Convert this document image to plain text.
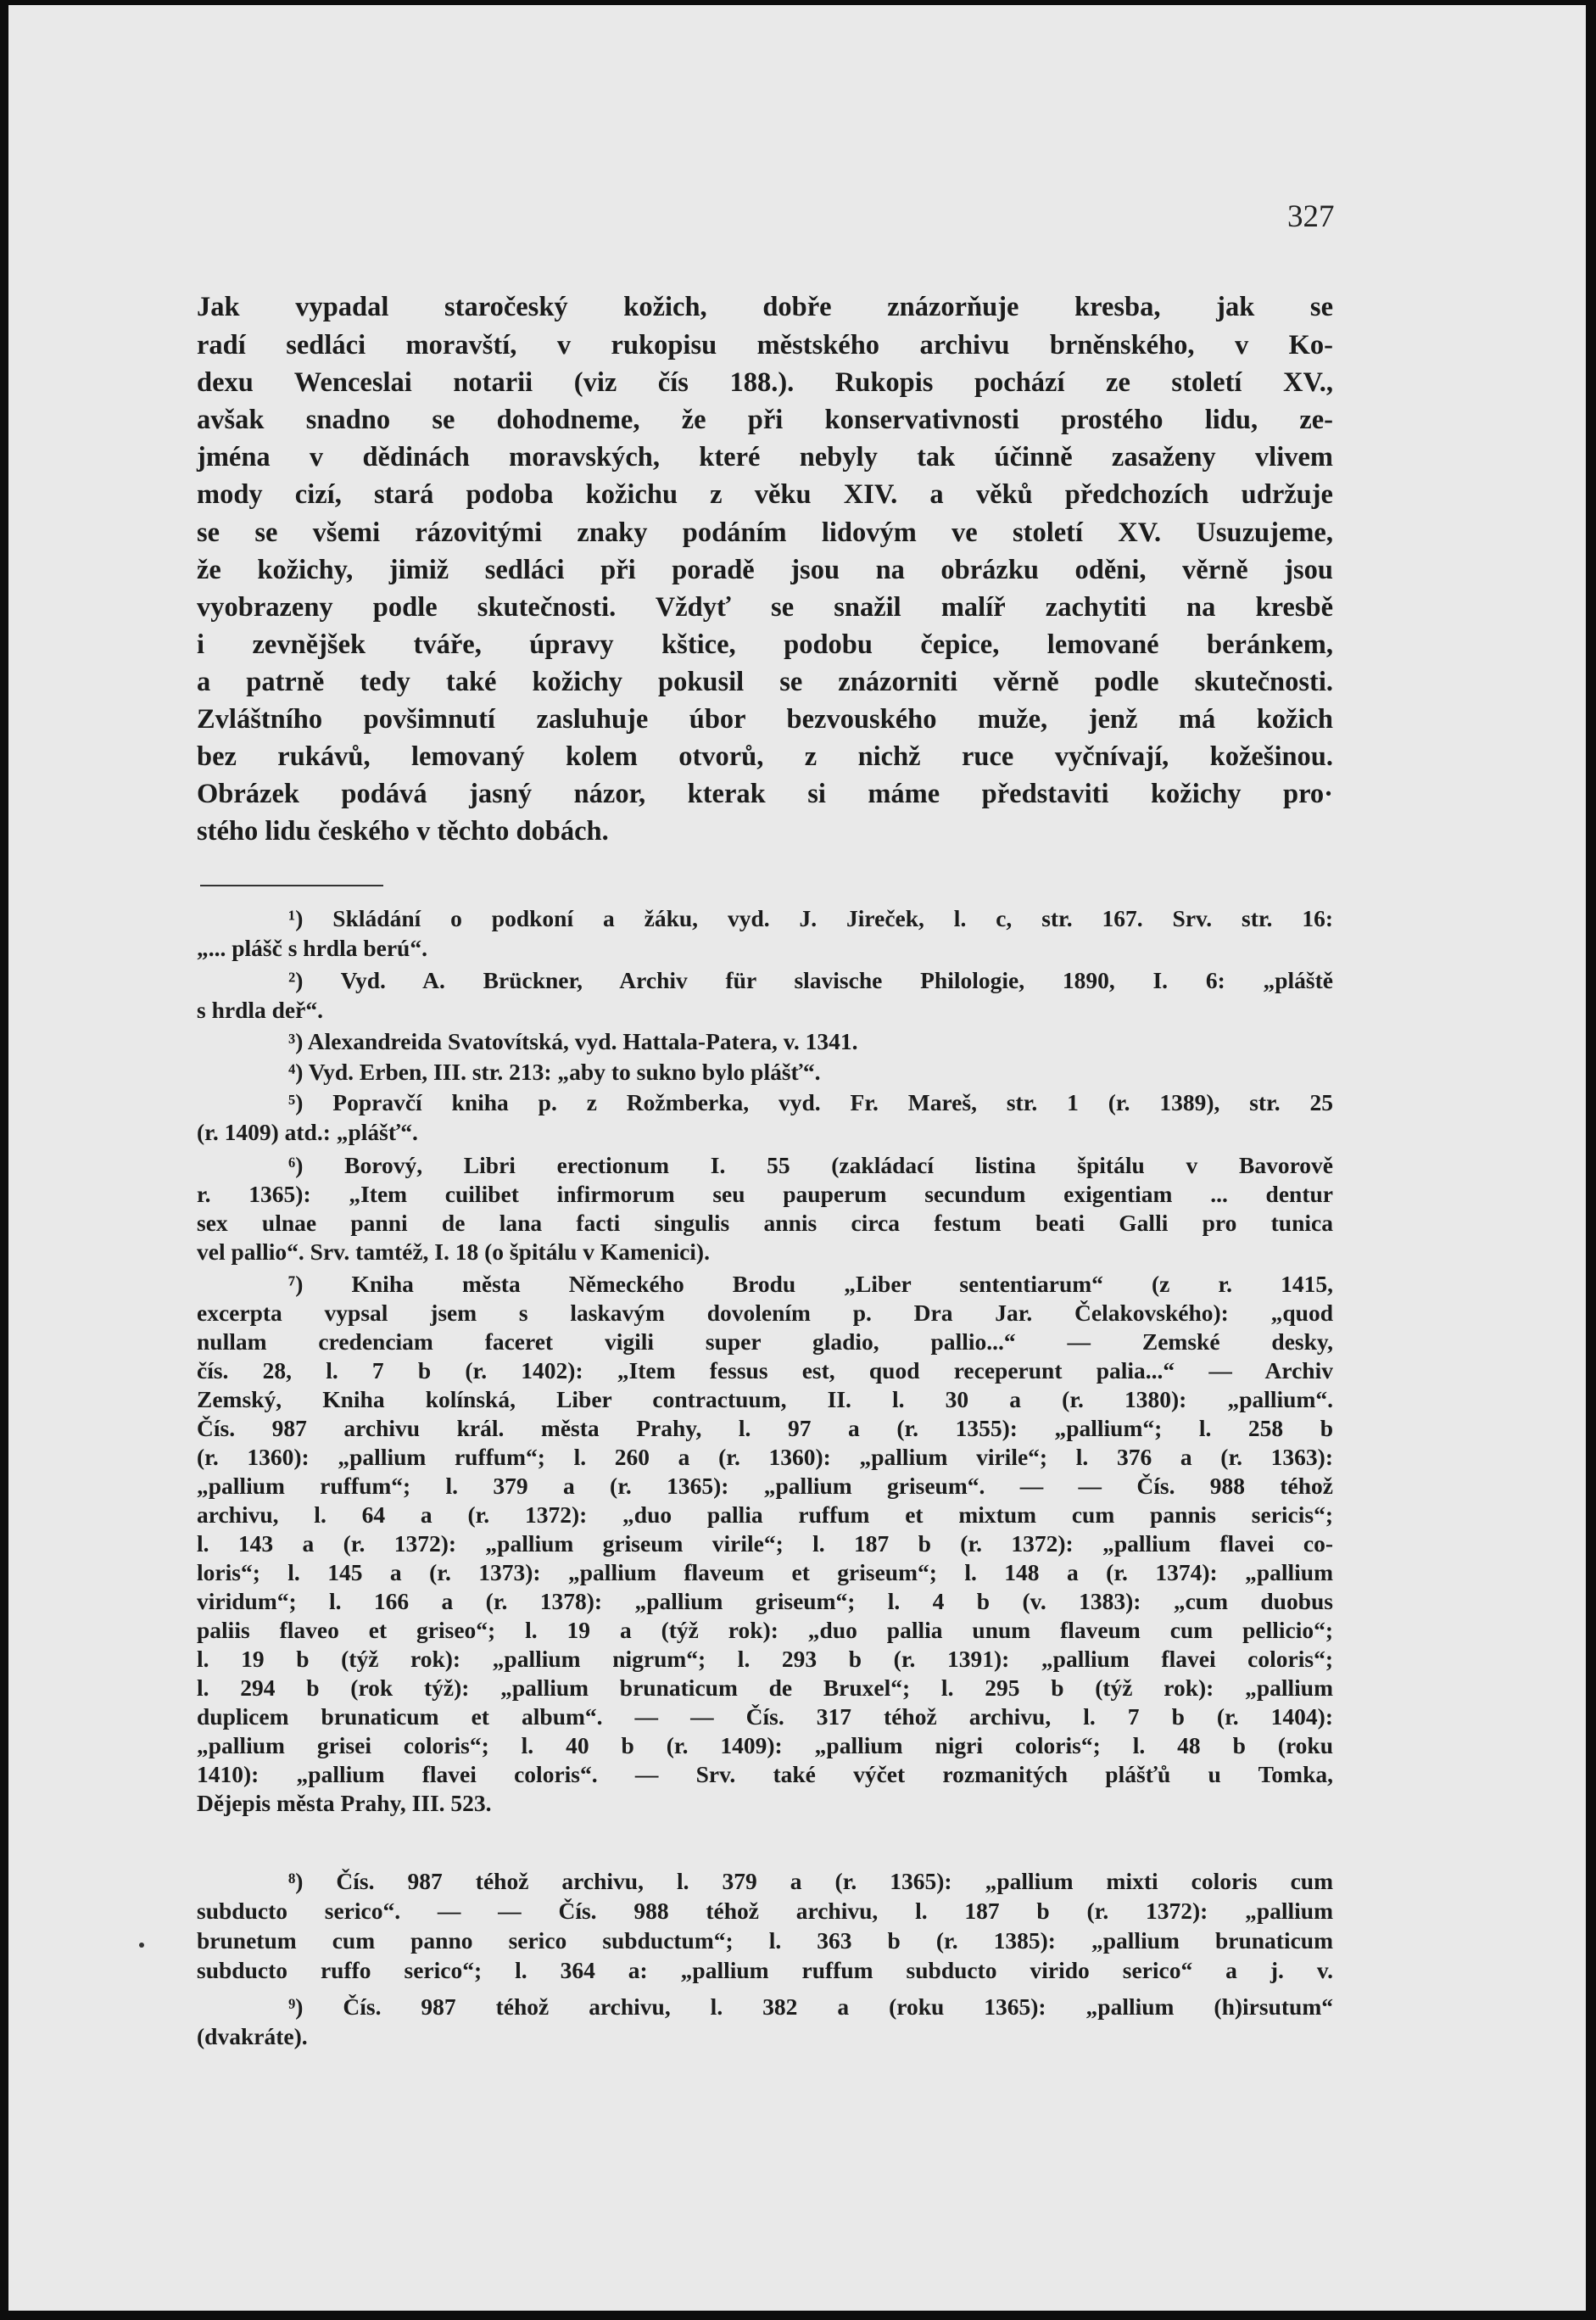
327

Jak vypadal staročeský kožich, dobře znázorňuje kresba, jak se

radí sedláci moravští, v rukopisu městského archivu brněnského, v Ko-

dexu Wenceslai notarii (viz čís 188.). Rukopis pochází ze století XV.,

avšak snadno se dohodneme, že při konservativnosti prostého lidu, ze-

jména v dědinách moravských, které nebyly tak účinně zasaženy vlivem

mody cizí, stará podoba kožichu z věku XIV. a věků předchozích udržuje

se se všemi rázovitými znaky podáním lidovým ve století XV. Usuzujeme,

že kožichy, jimiž sedláci při poradě jsou na obrázku oděni, věrně jsou

vyobrazeny podle skutečnosti. Vždyť se snažil malíř zachytiti na kresbě

i zevnějšek tváře, úpravy kštice, podobu čepice, lemované beránkem,

a patrně tedy také kožichy pokusil se znázorniti věrně podle skutečnosti.

Zvláštního povšimnutí zasluhuje úbor bezvouského muže, jenž má kožich

bez rukávů, lemovaný kolem otvorů, z nichž ruce vyčnívají, kožešinou.

Obrázek podává jasný názor, kterak si máme představiti kožichy pro·

stého lidu českého v těchto dobách.

¹) Skládání o podkoní a žáku, vyd. J. Jireček, l. c, str. 167. Srv. str. 16:

„... plášč s hrdla berú“.

²) Vyd. A. Brückner, Archiv für slavische Philologie, 1890, I. 6: „pláště

s hrdla deř“.

³) Alexandreida Svatovítská, vyd. Hattala-Patera, v. 1341.

⁴) Vyd. Erben, III. str. 213: „aby to sukno bylo plášť“.

⁵) Popravčí kniha p. z Rožmberka, vyd. Fr. Mareš, str. 1 (r. 1389), str. 25

(r. 1409) atd.: „plášť“.

⁶) Borový, Libri erectionum I. 55 (zakládací listina špitálu v Bavorově

r. 1365): „Item cuilibet infirmorum seu pauperum secundum exigentiam ... dentur

sex ulnae panni de lana facti singulis annis circa festum beati Galli pro tunica

vel pallio“. Srv. tamtéž, I. 18 (o špitálu v Kamenici).

⁷) Kniha města Německého Brodu „Liber sententiarum“ (z r. 1415,

excerpta vypsal jsem s laskavým dovolením p. Dra Jar. Čelakovského): „quod

nullam credenciam faceret vigili super gladio, pallio...“ — Zemské desky,

čís. 28, l. 7 b (r. 1402): „Item fessus est, quod receperunt palia...“ — Archiv

Zemský, Kniha kolínská, Liber contractuum, II. l. 30 a (r. 1380): „pallium“.

Čís. 987 archivu král. města Prahy, l. 97 a (r. 1355): „pallium“; l. 258 b

(r. 1360): „pallium ruffum“; l. 260 a (r. 1360): „pallium virile“; l. 376 a (r. 1363):

„pallium ruffum“; l. 379 a (r. 1365): „pallium griseum“. — — Čís. 988 téhož

archivu, l. 64 a (r. 1372): „duo pallia ruffum et mixtum cum pannis sericis“;

l. 143 a (r. 1372): „pallium griseum virile“; l. 187 b (r. 1372): „pallium flavei co-

loris“; l. 145 a (r. 1373): „pallium flaveum et griseum“; l. 148 a (r. 1374): „pallium

viridum“; l. 166 a (r. 1378): „pallium griseum“; l. 4 b (v. 1383): „cum duobus

paliis flaveo et griseo“; l. 19 a (týž rok): „duo pallia unum flaveum cum pellicio“;

l. 19 b (týž rok): „pallium nigrum“; l. 293 b (r. 1391): „pallium flavei coloris“;

l. 294 b (rok týž): „pallium brunaticum de Bruxel“; l. 295 b (týž rok): „pallium

duplicem brunaticum et album“. — — Čís. 317 téhož archivu, l. 7 b (r. 1404):

„pallium grisei coloris“; l. 40 b (r. 1409): „pallium nigri coloris“; l. 48 b (roku

1410): „pallium flavei coloris“. — Srv. také výčet rozmanitých plášťů u Tomka,

Dějepis města Prahy, III. 523.

⁸) Čís. 987 téhož archivu, l. 379 a (r. 1365): „pallium mixti coloris cum

subducto serico“. — — Čís. 988 téhož archivu, l. 187 b (r. 1372): „pallium

brunetum cum panno serico subductum“; l. 363 b (r. 1385): „pallium brunaticum

subducto ruffo serico“; l. 364 a: „pallium ruffum subducto virido serico“ a j. v.

⁹) Čís. 987 téhož archivu, l. 382 a (roku 1365): „pallium (h)irsutum“

(dvakráte).
